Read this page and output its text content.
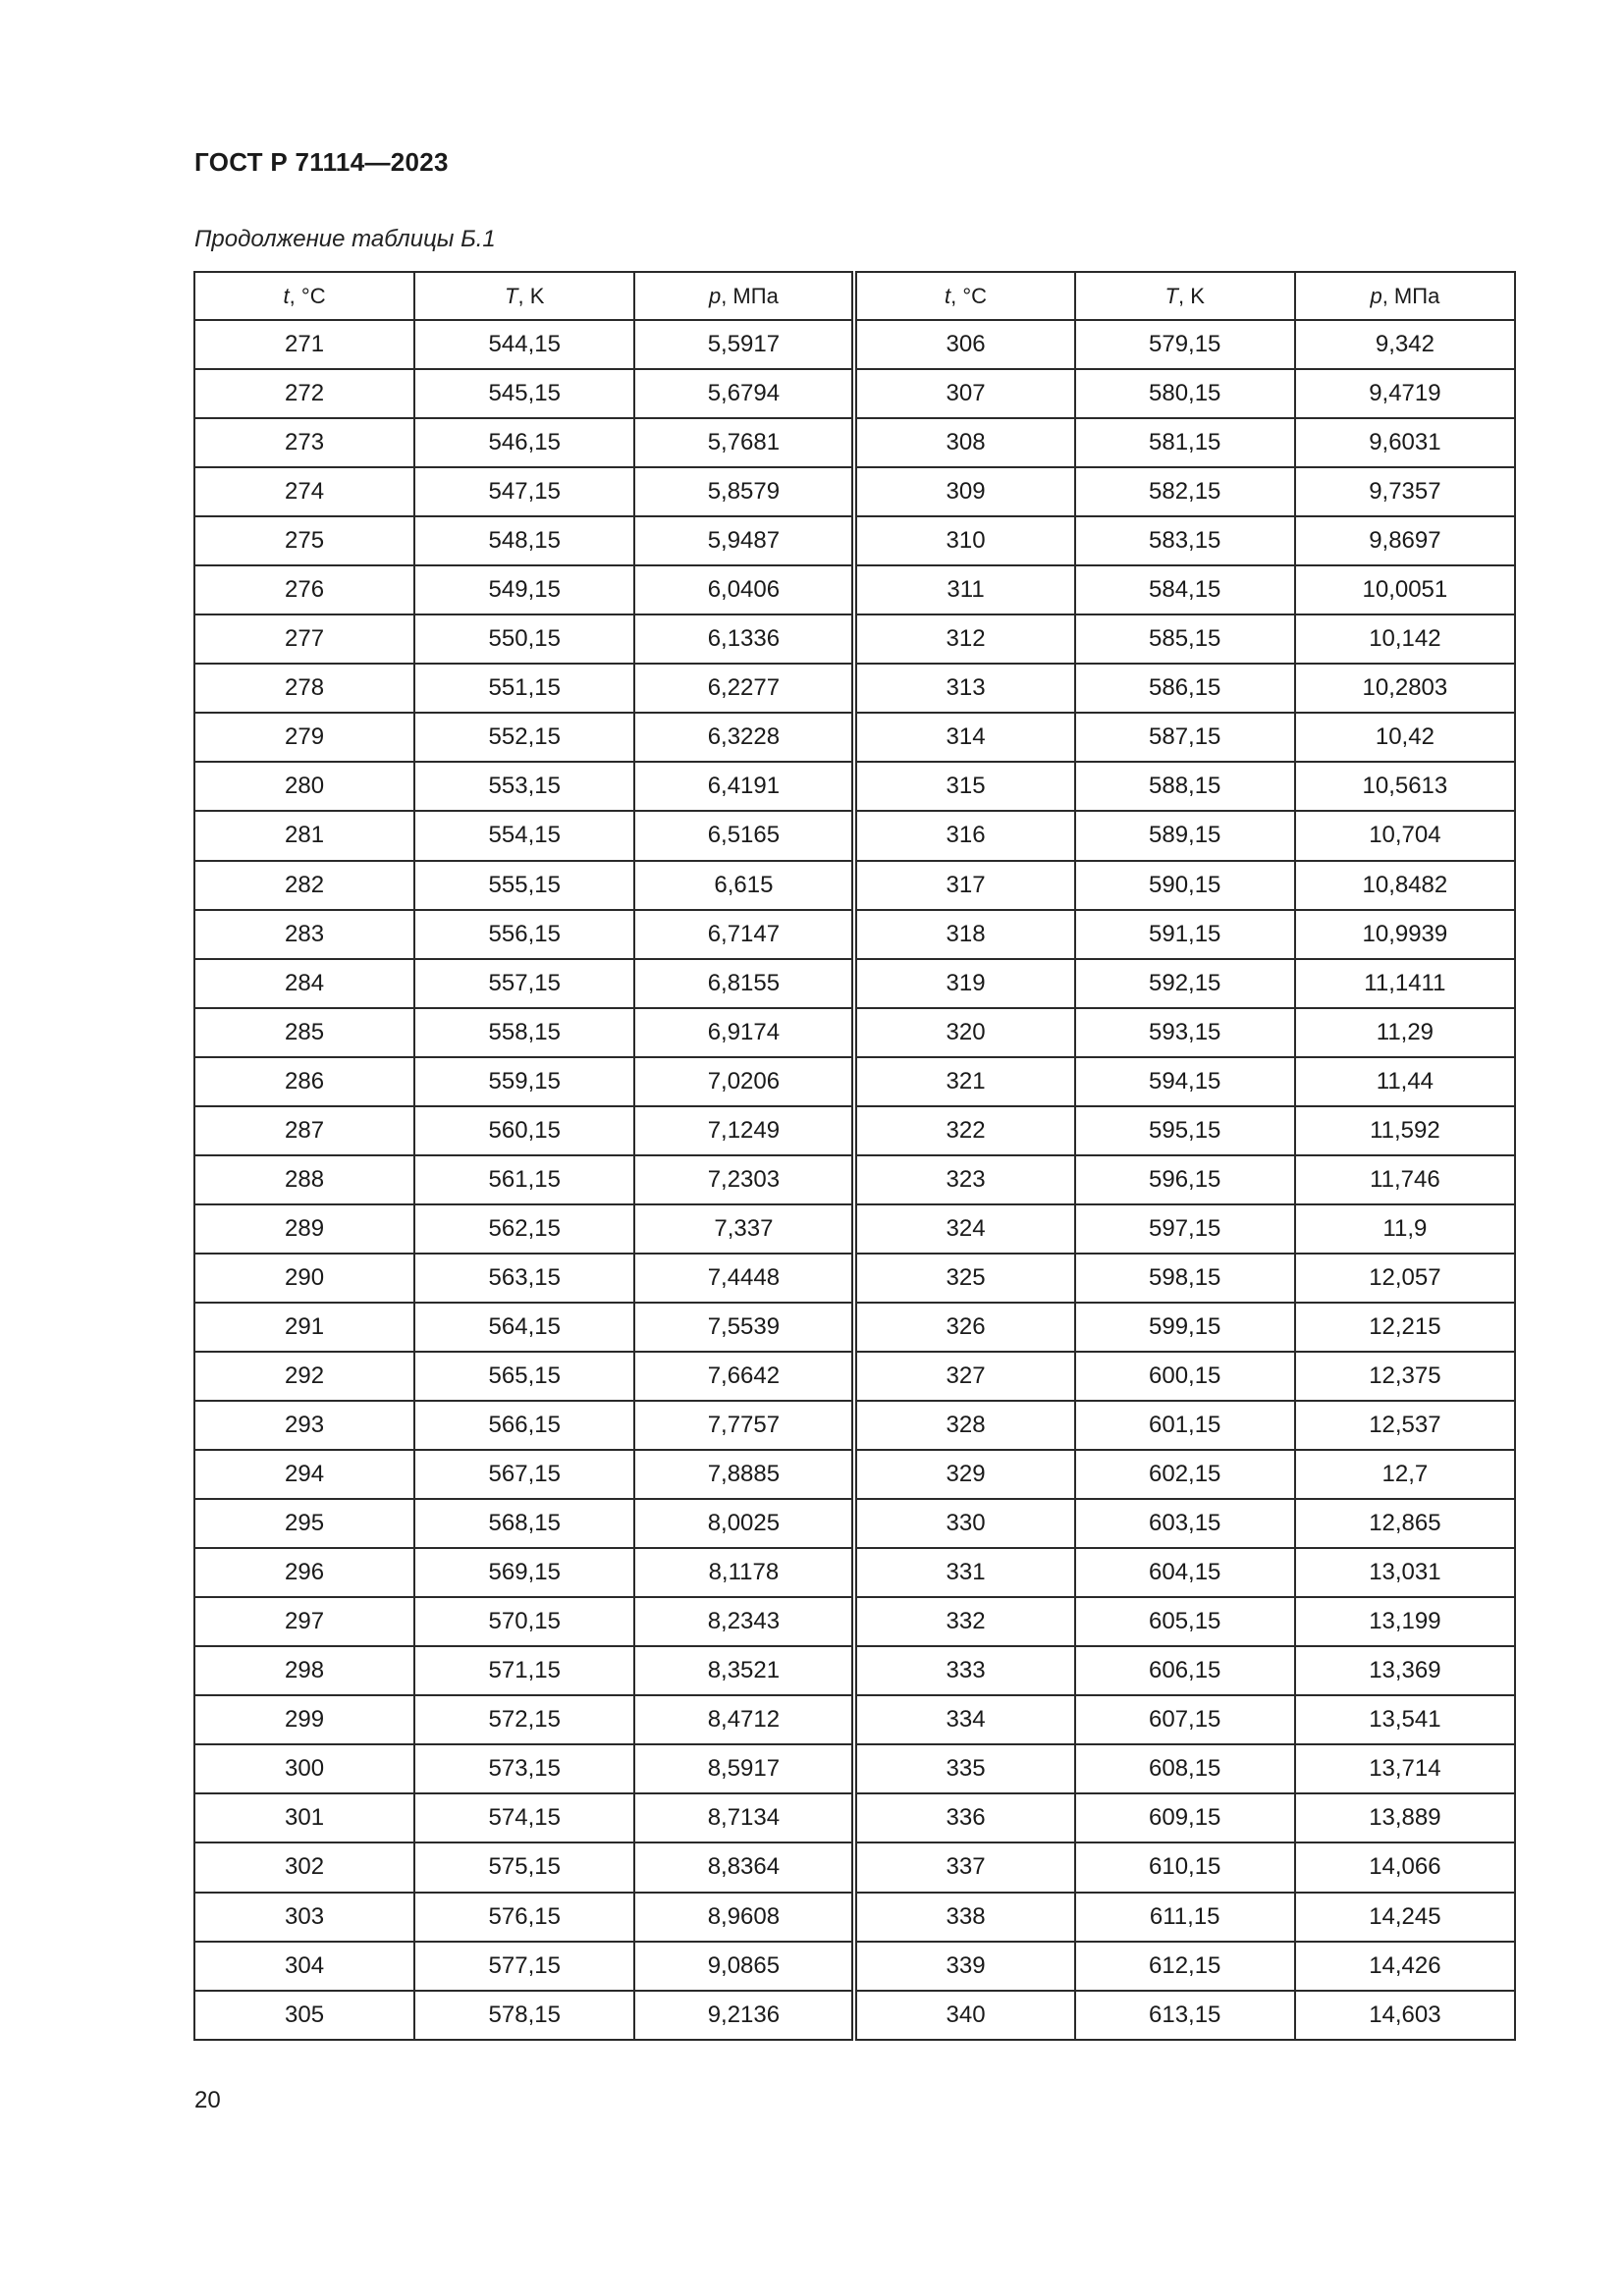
ГОСТ Р 71114—2023
Продолжение таблицы Б.1
t, °C	T, K	p, МПа	t, °C	T, K	p, МПа
271	544,15	5,5917	306	579,15	9,342
272	545,15	5,6794	307	580,15	9,4719
273	546,15	5,7681	308	581,15	9,6031
274	547,15	5,8579	309	582,15	9,7357
275	548,15	5,9487	310	583,15	9,8697
276	549,15	6,0406	311	584,15	10,0051
277	550,15	6,1336	312	585,15	10,142
278	551,15	6,2277	313	586,15	10,2803
279	552,15	6,3228	314	587,15	10,42
280	553,15	6,4191	315	588,15	10,5613
281	554,15	6,5165	316	589,15	10,704
282	555,15	6,615	317	590,15	10,8482
283	556,15	6,7147	318	591,15	10,9939
284	557,15	6,8155	319	592,15	11,1411
285	558,15	6,9174	320	593,15	11,29
286	559,15	7,0206	321	594,15	11,44
287	560,15	7,1249	322	595,15	11,592
288	561,15	7,2303	323	596,15	11,746
289	562,15	7,337	324	597,15	11,9
290	563,15	7,4448	325	598,15	12,057
291	564,15	7,5539	326	599,15	12,215
292	565,15	7,6642	327	600,15	12,375
293	566,15	7,7757	328	601,15	12,537
294	567,15	7,8885	329	602,15	12,7
295	568,15	8,0025	330	603,15	12,865
296	569,15	8,1178	331	604,15	13,031
297	570,15	8,2343	332	605,15	13,199
298	571,15	8,3521	333	606,15	13,369
299	572,15	8,4712	334	607,15	13,541
300	573,15	8,5917	335	608,15	13,714
301	574,15	8,7134	336	609,15	13,889
302	575,15	8,8364	337	610,15	14,066
303	576,15	8,9608	338	611,15	14,245
304	577,15	9,0865	339	612,15	14,426
305	578,15	9,2136	340	613,15	14,603
20
